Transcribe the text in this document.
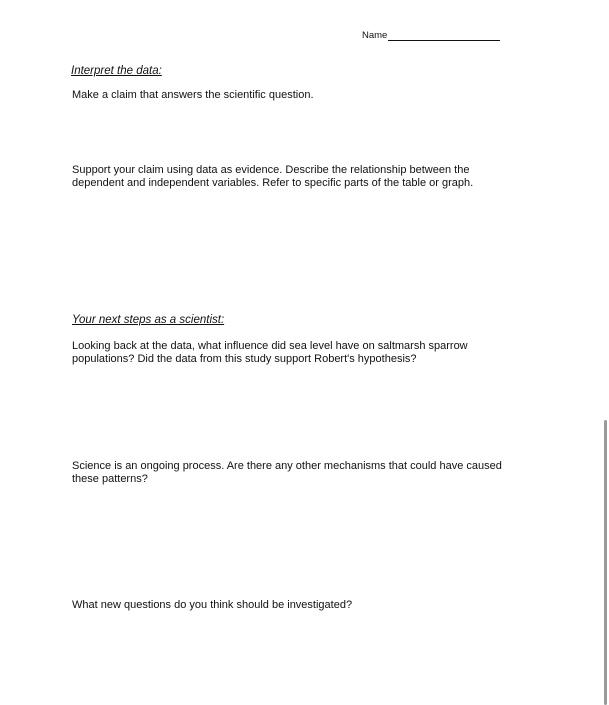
Name
Interpret the data:
Make a claim that answers the scientific question.
Support your claim using data as evidence. Describe the relationship between the dependent and independent variables. Refer to specific parts of the table or graph.
Your next steps as a scientist:
Looking back at the data, what influence did sea level have on saltmarsh sparrow populations? Did the data from this study support Robert's hypothesis?
Science is an ongoing process. Are there any other mechanisms that could have caused these patterns?
What new questions do you think should be investigated?
